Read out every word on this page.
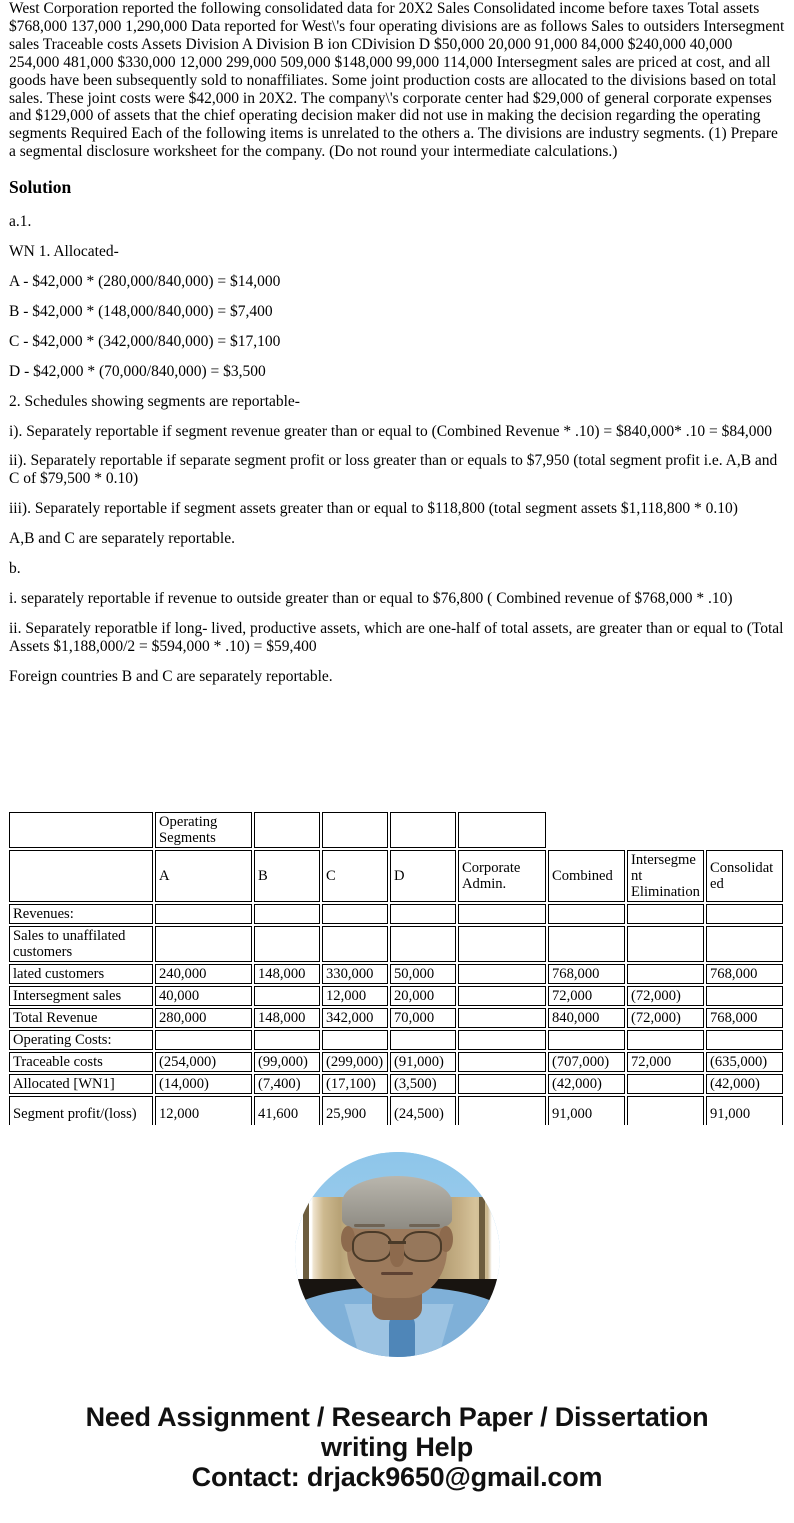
West Corporation reported the following consolidated data for 20X2 Sales Consolidated income before taxes Total assets $768,000 137,000 1,290,000 Data reported for West\'s four operating divisions are as follows Sales to outsiders Intersegment sales Traceable costs Assets Division A Division B ion CDivision D $50,000 20,000 91,000 84,000 $240,000 40,000 254,000 481,000 $330,000 12,000 299,000 509,000 $148,000 99,000 114,000 Intersegment sales are priced at cost, and all goods have been subsequently sold to nonaffiliates. Some joint production costs are allocated to the divisions based on total sales. These joint costs were $42,000 in 20X2. The company\'s corporate center had $29,000 of general corporate expenses and $129,000 of assets that the chief operating decision maker did not use in making the decision regarding the operating segments Required Each of the following items is unrelated to the others a. The divisions are industry segments. (1) Prepare a segmental disclosure worksheet for the company. (Do not round your intermediate calculations.)

Solution

a.1.

WN 1. Allocated-

A - $42,000 * (280,000/840,000) = $14,000

B - $42,000 * (148,000/840,000) = $7,400

C - $42,000 * (342,000/840,000) = $17,100

D - $42,000 * (70,000/840,000) = $3,500

2. Schedules showing segments are reportable-

i). Separately reportable if segment revenue greater than or equal to (Combined Revenue * .10) = $840,000* .10 = $84,000

ii). Separately reportable if separate segment profit or loss greater than or equals to $7,950 (total segment profit i.e. A,B and C of $79,500 * 0.10)

iii). Separately reportable if segment assets greater than or equal to $118,800 (total segment assets $1,118,800 * 0.10)

A,B and C are separately reportable.

b.

i. separately reportable if revenue to outside greater than or equal to $76,800 ( Combined revenue of $768,000 * .10)

ii. Separately reporatble if long- lived, productive assets, which are one-half of total assets, are greater than or equal to (Total Assets $1,188,000/2 = $594,000 * .10) = $59,400

Foreign countries B and C are separately reportable.

	Operating Segments							
	A	B	C	D	Corporate Admin.	Combined	Intersegment Elimination	Consolidated
Revenues:								
Sales to unaffilated customers								
lated customers	240,000	148,000	330,000	50,000		768,000		768,000
Intersegment sales	40,000		12,000	20,000		72,000	(72,000)	
Total Revenue	280,000	148,000	342,000	70,000		840,000	(72,000)	768,000
Operating Costs:								
Traceable costs	(254,000)	(99,000)	(299,000)	(91,000)		(707,000)	72,000	(635,000)
Allocated [WN1]	(14,000)	(7,400)	(17,100)	(3,500)		(42,000)		(42,000)
Segment profit/(loss)	12,000	41,600	25,900	(24,500)		91,000		91,000
Need Assignment / Research Paper / Dissertation
writing Help
Contact: drjack9650@gmail.com
